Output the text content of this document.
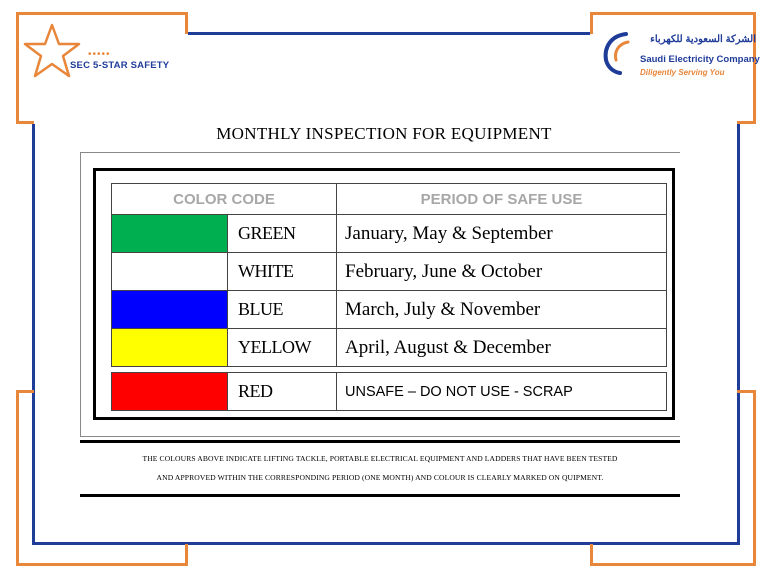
•••••
SEC 5-STAR SAFETY
الشركة السعودية للكهرباء
Saudi Electricity Company
Diligently Serving You
MONTHLY INSPECTION FOR EQUIPMENT
COLOR CODE		PERIOD OF SAFE USE
	GREEN	January, May & September
	WHITE	February, June & October
	BLUE	March, July & November
	YELLOW	April, August & December

	RED	UNSAFE – DO NOT USE - SCRAP
THE COLOURS ABOVE INDICATE LIFTING TACKLE, PORTABLE ELECTRICAL EQUIPMENT AND LADDERS THAT HAVE BEEN TESTED
AND APPROVED WITHIN THE CORRESPONDING PERIOD (ONE MONTH) AND COLOUR IS CLEARLY MARKED ON QUIPMENT.
